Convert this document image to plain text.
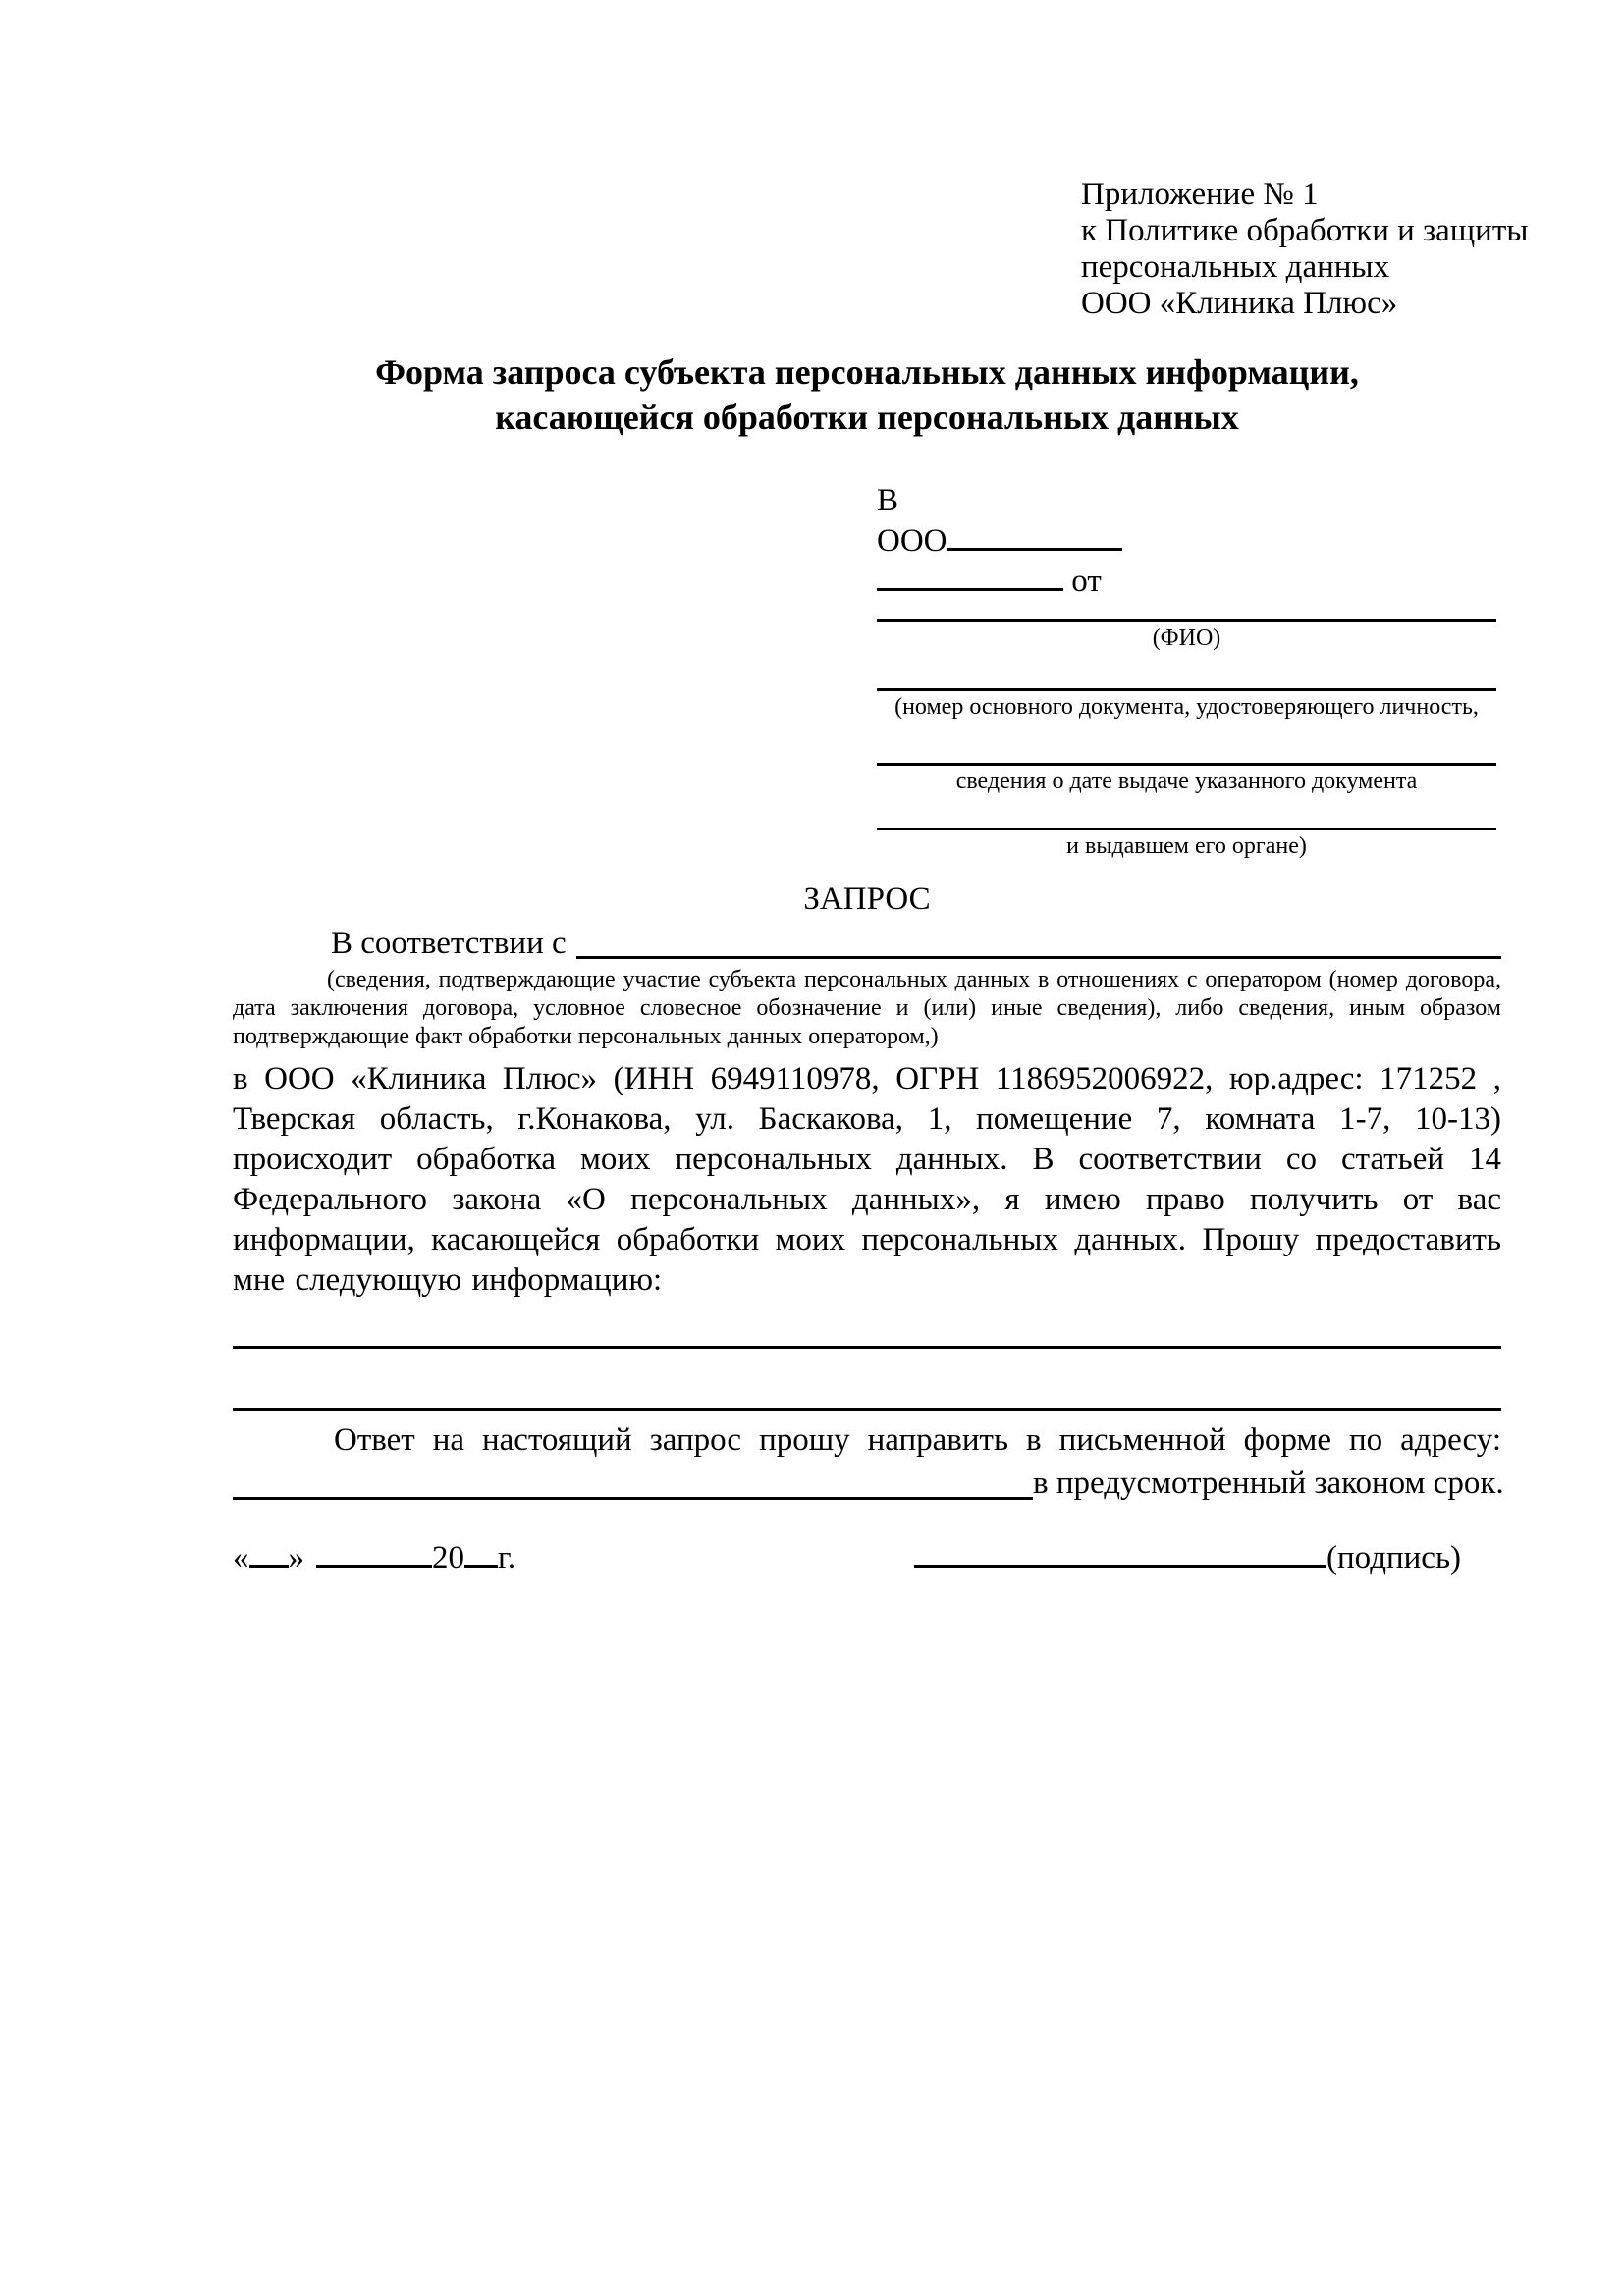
Приложение № 1
к Политике обработки и защиты
персональных данных
ООО «Клиника Плюс»
Форма запроса субъекта персональных данных информации,
касающейся обработки персональных данных
В
ООО
от
(ФИО)
(номер основного документа, удостоверяющего личность,
сведения о дате выдаче указанного документа
и выдавшем его органе)
ЗАПРОС
В соответствии с

(сведения, подтверждающие участие субъекта персональных данных в отношениях с оператором (номер договора, дата заключения договора, условное словесное обозначение и (или) иные сведения), либо сведения, иным образом подтверждающие факт обработки персональных данных оператором,)

в ООО «Клиника Плюс» (ИНН 6949110978, ОГРН 1186952006922, юр.адрес: 171252 , Тверская область, г.Конакова, ул. Баскакова, 1, помещение 7, комната 1-7, 10-13) происходит обработка моих персональных данных. В соответствии со статьей 14 Федерального закона «О персональных данных», я имею право получить от вас информации, касающейся обработки моих персональных данных. Прошу предоставить мне следующую информацию:

Ответ на настоящий запрос прошу направить в письменной форме по адресу:

в предусмотренный законом срок.
« »	20 г.	(подпись)
